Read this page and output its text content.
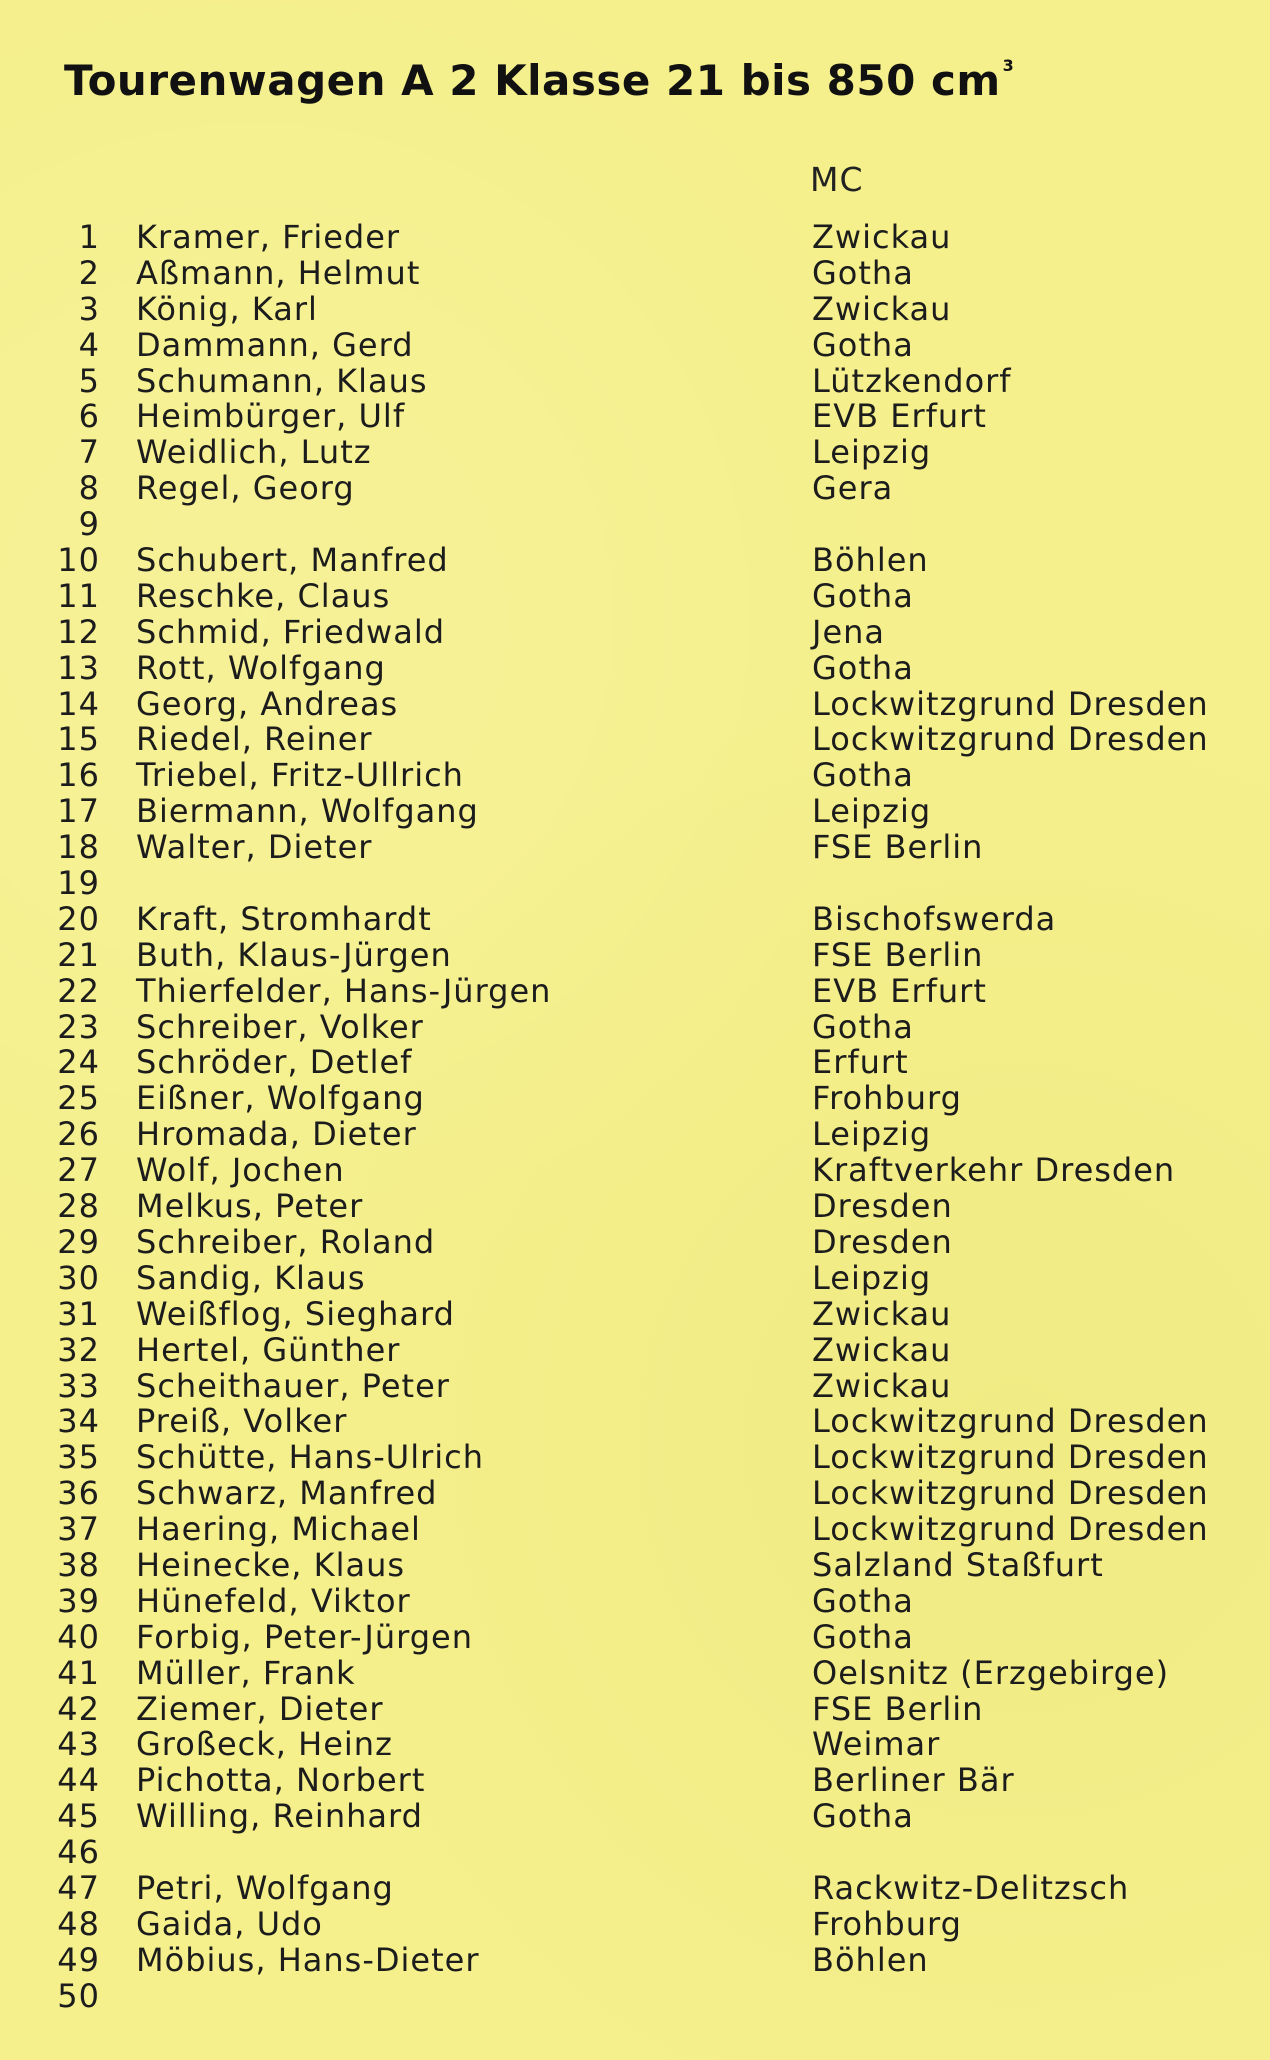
Tourenwagen A 2 Klasse 21 bis 850 cm $^3$
MC
1 Kramer, Frieder	Zwickau
2 Aßmann, Helmut	Gotha
3 König, Karl	Zwickau
4 Dammann, Gerd	Gotha
5 Schumann, Klaus	Lützkendorf
6 Heimbürger, Ulf	EVB Erfurt
7 Weidlich, Lutz	Leipzig
8 Regel, Georg	Gera
9
10 Schubert, Manfred	Böhlen
11 Reschke, Claus	Gotha
12 Schmid, Friedwald	Jena
13 Rott, Wolfgang	Gotha
14 Georg, Andreas	Lockwitzgrund Dresden
15 Riedel, Reiner	Lockwitzgrund Dresden
16 Triebel, Fritz-Ullrich	Gotha
17 Biermann, Wolfgang	Leipzig
18 Walter, Dieter	FSE Berlin
19
20 Kraft, Stromhardt	Bischofswerda
21 Buth, Klaus-Jürgen	FSE Berlin
22 Thierfelder, Hans-Jürgen	EVB Erfurt
23 Schreiber, Volker	Gotha
24 Schröder, Detlef	Erfurt
25 Eißner, Wolfgang	Frohburg
26 Hromada, Dieter	Leipzig
27 Wolf, Jochen	Kraftverkehr Dresden
28 Melkus, Peter	Dresden
29 Schreiber, Roland	Dresden
30 Sandig, Klaus	Leipzig
31 Weißflog, Sieghard	Zwickau
32 Hertel, Günther	Zwickau
33 Scheithauer, Peter	Zwickau
34 Preiß, Volker	Lockwitzgrund Dresden
35 Schütte, Hans-Ulrich	Lockwitzgrund Dresden
36 Schwarz, Manfred	Lockwitzgrund Dresden
37 Haering, Michael	Lockwitzgrund Dresden
38 Heinecke, Klaus	Salzland Staßfurt
39 Hünefeld, Viktor	Gotha
40 Forbig, Peter-Jürgen	Gotha
41 Müller, Frank	Oelsnitz (Erzgebirge)
42 Ziemer, Dieter	FSE Berlin
43 Großeck, Heinz	Weimar
44 Pichotta, Norbert	Berliner Bär
45 Willing, Reinhard	Gotha
46
47 Petri, Wolfgang	Rackwitz-Delitzsch
48 Gaida, Udo	Frohburg
49 Möbius, Hans-Dieter	Böhlen
50
